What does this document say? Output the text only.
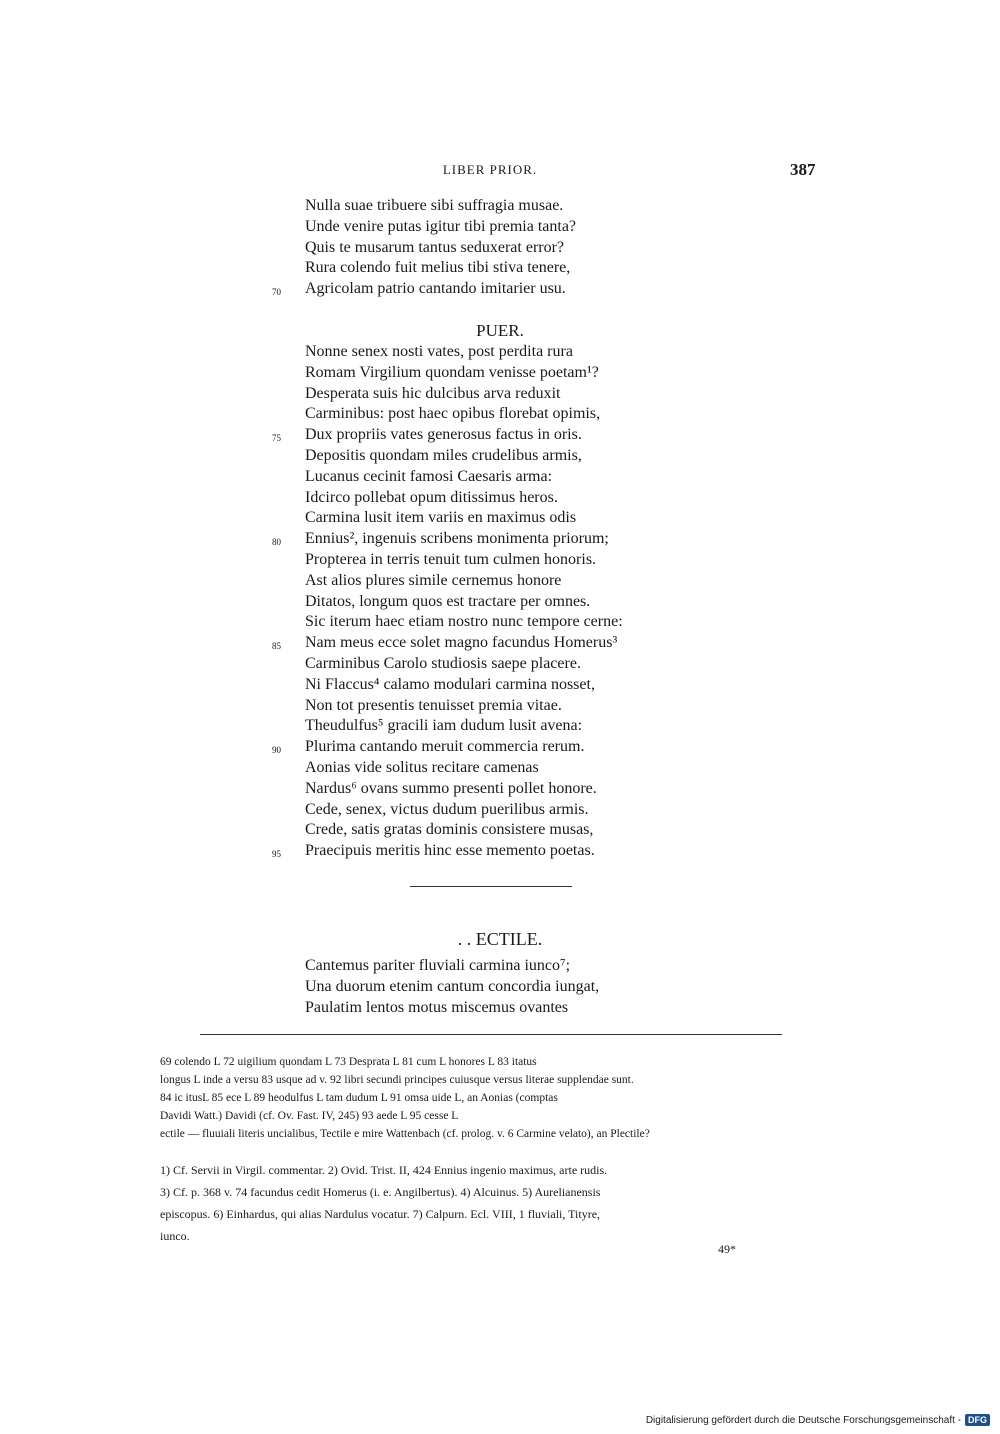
LIBER PRIOR.	387
Nulla suae tribuere sibi suffragia musae.
Unde venire putas igitur tibi premia tanta?
Quis te musarum tantus seduxerat error?
Rura colendo fuit melius tibi stiva tenere,
Agricolam patrio cantando imitarier usu.
70
PUER.
Nonne senex nosti vates, post perdita rura
Romam Virgilium quondam venisse poetam¹?
Desperata suis hic dulcibus arva reduxit
Carminibus: post haec opibus florebat opimis,
Dux propriis vates generosus factus in oris.
Depositis quondam miles crudelibus armis,
Lucanus cecinit famosi Caesaris arma:
Idcirco pollebat opum ditissimus heros.
Carmina lusit item variis en maximus odis
Ennius², ingenuis scribens monimenta priorum;
Propterea in terris tenuit tum culmen honoris.
Ast alios plures simile cernemus honore
Ditatos, longum quos est tractare per omnes.
Sic iterum haec etiam nostro nunc tempore cerne:
Nam meus ecce solet magno facundus Homerus³
Carminibus Carolo studiosis saepe placere.
Ni Flaccus⁴ calamo modulari carmina nosset,
Non tot presentis tenuisset premia vitae.
Theudulfus⁵ gracili iam dudum lusit avena:
Plurima cantando meruit commercia rerum.
Aonias vide solitus recitare camenas
Nardus⁶ ovans summo presenti pollet honore.
Cede, senex, victus dudum puerilibus armis.
Crede, satis gratas dominis consistere musas,
Praecipuis meritis hinc esse memento poetas.
75
80
85
90
95
. . ECTILE.
Cantemus pariter fluviali carmina iunco⁷;
Una duorum etenim cantum concordia iungat,
Paulatim lentos motus miscemus ovantes
69 colendo L 72 uigilium quondam L 73 Desprata L 81 cum L honores L 83 itatus
longus L inde a versu 83 usque ad v. 92 libri secundi principes cuiusque versus literae supplendae sunt.
84 ic itusL 85 ece L 89 heodulfus L tam dudum L 91 omsa uide L, an Aonias (comptas
Davidi Watt.) Davidi (cf. Ov. Fast. IV, 245) 93 aede L 95 cesse L
ectile — fluuiali literis uncialibus, Tectile e mire Wattenbach (cf. prolog. v. 6 Carmine velato), an Plectile?
1) Cf. Servii in Virgil. commentar. 2) Ovid. Trist. II, 424 Ennius ingenio maximus, arte rudis.
3) Cf. p. 368 v. 74 facundus cedit Homerus (i. e. Angilbertus). 4) Alcuinus. 5) Aurelianensis
episcopus. 6) Einhardus, qui alias Nardulus vocatur. 7) Calpurn. Ecl. VIII, 1 fluviali, Tityre,
iunco.
49*
Digitalisierung gefördert durch die Deutsche Forschungsgemeinschaft - DFG
